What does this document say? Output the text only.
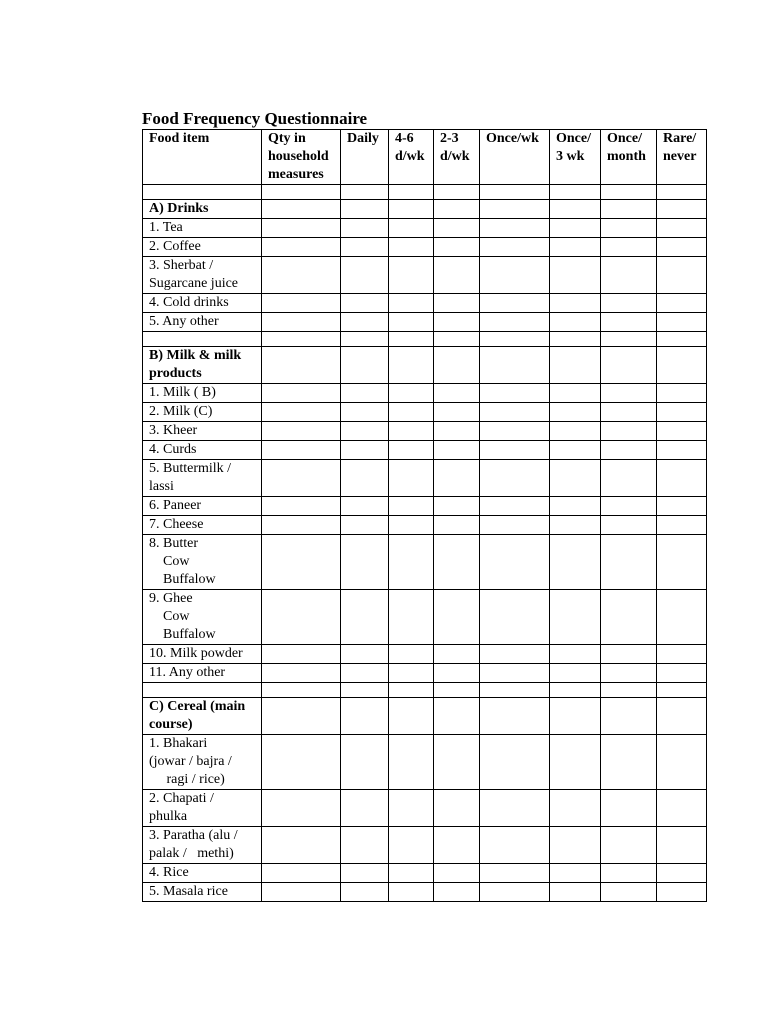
Food Frequency Questionnaire
Food item	Qty in household measures	Daily	4-6 d/wk	2-3 d/wk	Once/wk	Once/ 3 wk	Once/ month	Rare/ never

A) Drinks								
1. Tea								
2. Coffee								
3. Sherbat /
Sugarcane juice								
4. Cold drinks								
5. Any other								

B) Milk & milk products								
1. Milk ( B)								
2. Milk (C)								
3. Kheer								
4. Curds								
5. Buttermilk /
lassi								
6. Paneer								
7. Cheese								
8. Butter
Cow
Buffalow								
9. Ghee
Cow
Buffalow								
10. Milk powder								
11. Any other								

C) Cereal (main course)								
1. Bhakari
(jowar / bajra /
ragi / rice)								
2. Chapati /
phulka								
3. Paratha (alu /
palak /   methi)								
4. Rice								
5. Masala rice								
